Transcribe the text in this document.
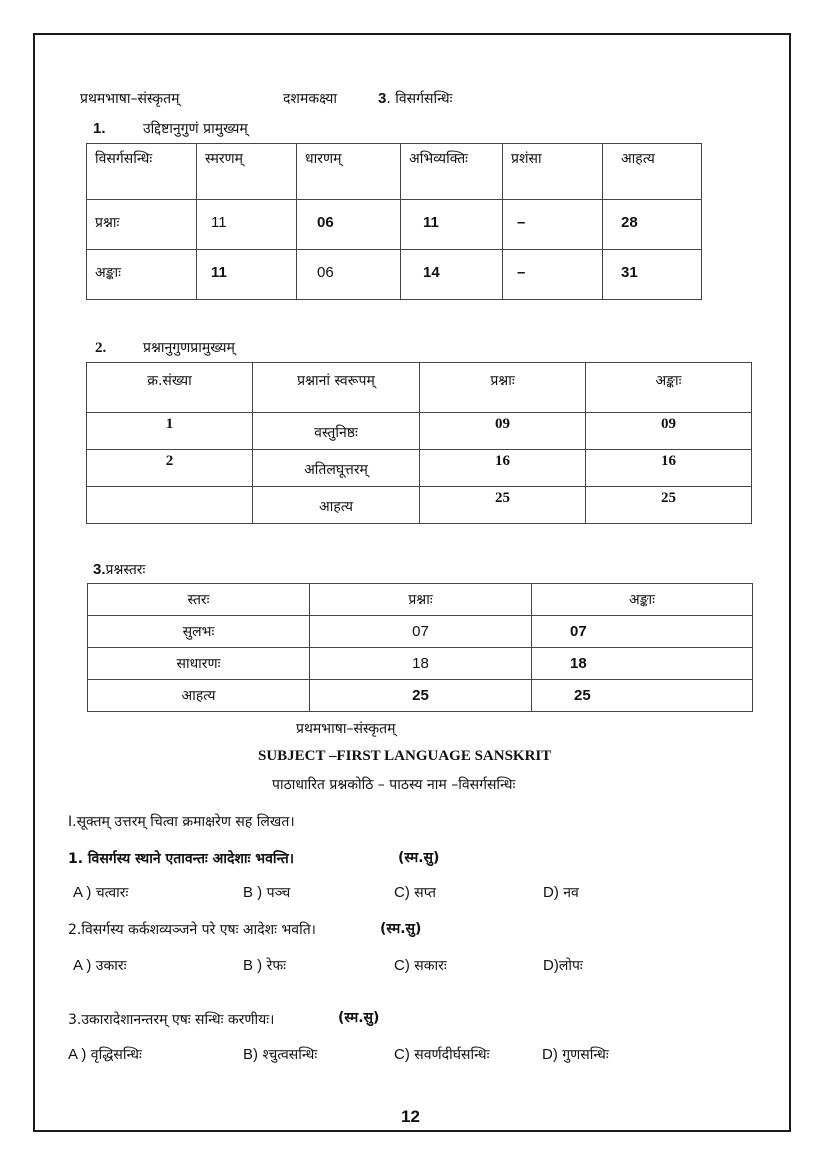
प्रथमभाषा–संस्कृतम्	दशमकक्ष्या	3. विसर्गसन्धिः
1.	उद्दिष्टानुगुणं प्रामुख्यम्
विसर्गसन्धिः	स्मरणम्	धारणम्	अभिव्यक्तिः	प्रशंसा	आहत्य
प्रश्नाः	11	06	11	–	28
अङ्काः	11	06	14	–	31
2.	प्रश्नानुगुणप्रामुख्यम्
क्र.संख्या	प्रश्नानां स्वरूपम्	प्रश्नाः	अङ्काः
1	वस्तुनिष्ठः	09	09
2	अतिलघूत्तरम्	16	16
	आहत्य	25	25
3.प्रश्नस्तरः
स्तरः	प्रश्नाः	अङ्काः
सुलभः	07	07
साधारणः	18	18
आहत्य	25	25
प्रथमभाषा–संस्कृतम्
SUBJECT –FIRST LANGUAGE SANSKRIT
पाठाधारित प्रश्नकोठि – पाठस्य नाम –विसर्गसन्धिः
I.सूक्तम् उत्तरम् चित्वा क्रमाक्षरेण सह लिखत।
1. विसर्गस्य स्थाने एतावन्तः आदेशाः भवन्ति।	(स्म.सु)
A ) चत्वारः	B ) पञ्च	C) सप्त	D) नव
2.विसर्गस्य कर्कशव्यञ्जने परे एषः आदेशः भवति।	(स्म.सु)
A ) उकारः	B ) रेफः	C) सकारः	D)लोपः
3.उकारादेशानन्तरम् एषः सन्धिः करणीयः।	(स्म.सु)
A ) वृद्धिसन्धिः	B) श्चुत्वसन्धिः	C) सवर्णदीर्घसन्धिः	D) गुणसन्धिः
12
